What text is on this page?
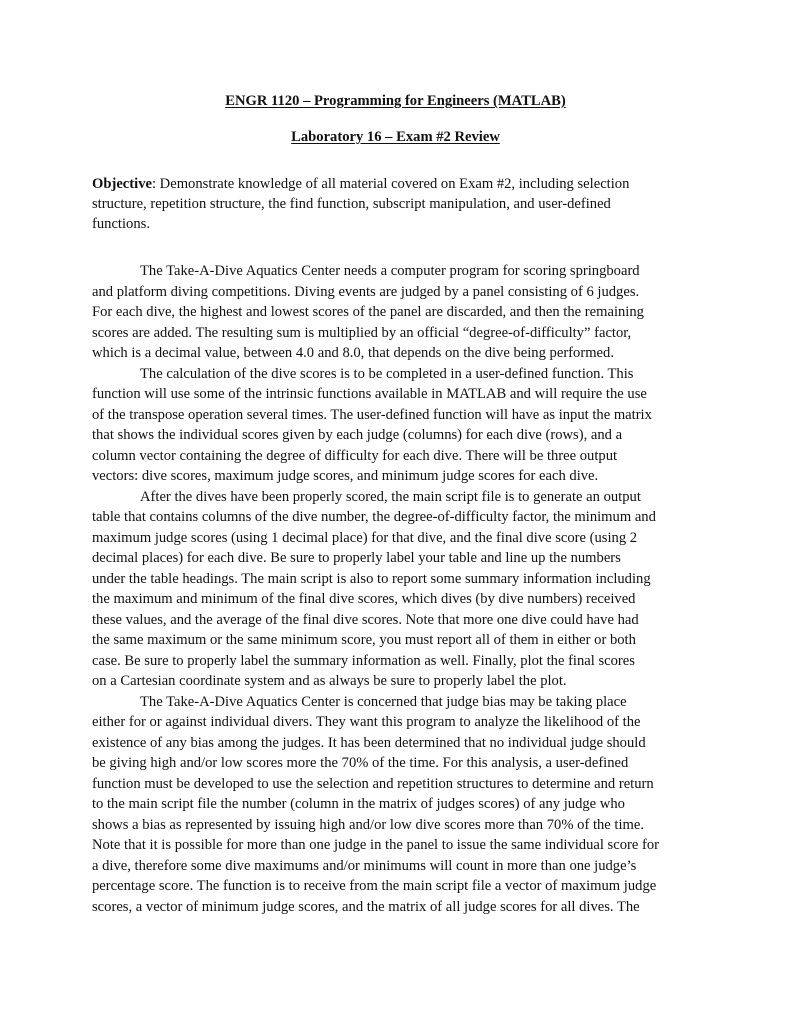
ENGR 1120 – Programming for Engineers (MATLAB)
Laboratory 16 – Exam #2 Review
Objective: Demonstrate knowledge of all material covered on Exam #2, including selection
structure, repetition structure, the find function, subscript manipulation, and user-defined
functions.
The Take-A-Dive Aquatics Center needs a computer program for scoring springboard
and platform diving competitions. Diving events are judged by a panel consisting of 6 judges.
For each dive, the highest and lowest scores of the panel are discarded, and then the remaining
scores are added. The resulting sum is multiplied by an official “degree-of-difficulty” factor,
which is a decimal value, between 4.0 and 8.0, that depends on the dive being performed.
The calculation of the dive scores is to be completed in a user-defined function. This
function will use some of the intrinsic functions available in MATLAB and will require the use
of the transpose operation several times. The user-defined function will have as input the matrix
that shows the individual scores given by each judge (columns) for each dive (rows), and a
column vector containing the degree of difficulty for each dive. There will be three output
vectors: dive scores, maximum judge scores, and minimum judge scores for each dive.
After the dives have been properly scored, the main script file is to generate an output
table that contains columns of the dive number, the degree-of-difficulty factor, the minimum and
maximum judge scores (using 1 decimal place) for that dive, and the final dive score (using 2
decimal places) for each dive. Be sure to properly label your table and line up the numbers
under the table headings. The main script is also to report some summary information including
the maximum and minimum of the final dive scores, which dives (by dive numbers) received
these values, and the average of the final dive scores. Note that more one dive could have had
the same maximum or the same minimum score, you must report all of them in either or both
case. Be sure to properly label the summary information as well. Finally, plot the final scores
on a Cartesian coordinate system and as always be sure to properly label the plot.
The Take-A-Dive Aquatics Center is concerned that judge bias may be taking place
either for or against individual divers. They want this program to analyze the likelihood of the
existence of any bias among the judges. It has been determined that no individual judge should
be giving high and/or low scores more the 70% of the time. For this analysis, a user-defined
function must be developed to use the selection and repetition structures to determine and return
to the main script file the number (column in the matrix of judges scores) of any judge who
shows a bias as represented by issuing high and/or low dive scores more than 70% of the time.
Note that it is possible for more than one judge in the panel to issue the same individual score for
a dive, therefore some dive maximums and/or minimums will count in more than one judge’s
percentage score. The function is to receive from the main script file a vector of maximum judge
scores, a vector of minimum judge scores, and the matrix of all judge scores for all dives. The
